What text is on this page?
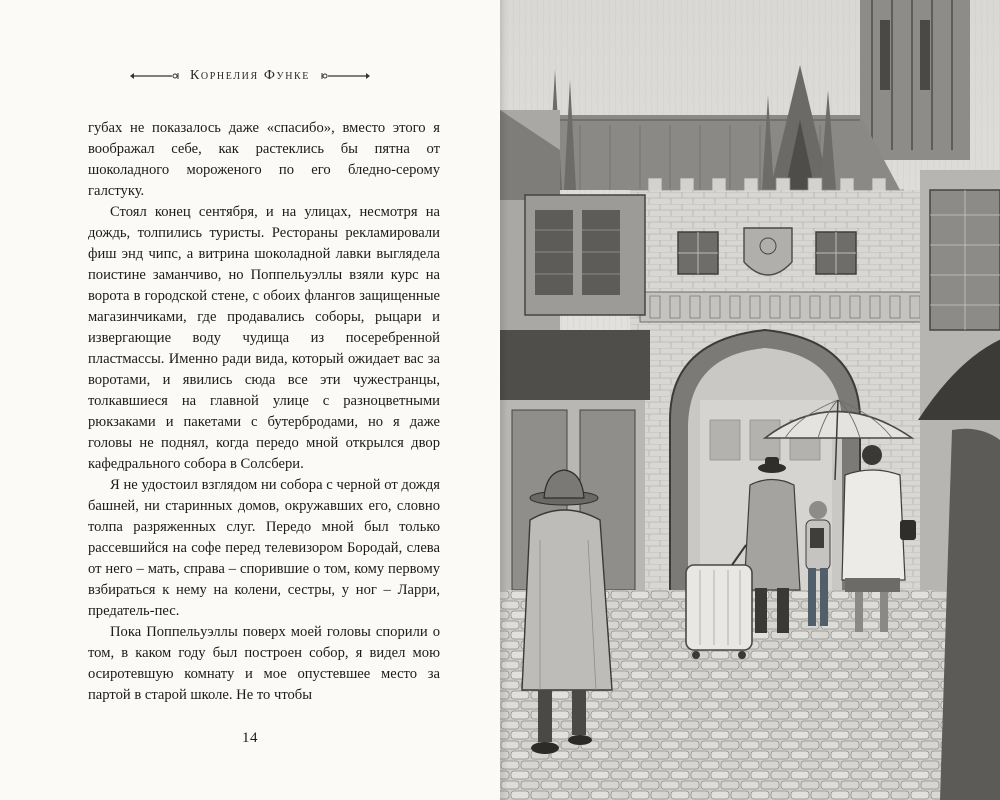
Корнелия Функе

губах не показалось даже «спасибо», вместо этого я воображал себе, как растеклись бы пятна от шоколадного мороженого по его бледно-серому галстуку.

Стоял конец сентября, и на улицах, несмотря на дождь, толпились туристы. Рестораны рекламировали фиш энд чипс, а витрина шоколадной лавки выглядела поистине заманчиво, но Поппельуэллы взяли курс на ворота в городской стене, с обоих флангов защищенные магазинчиками, где продавались соборы, рыцари и извергающие воду чудища из посеребренной пластмассы. Именно ради вида, который ожидает вас за воротами, и явились сюда все эти чужестранцы, толкавшиеся на главной улице с разноцветными рюкзаками и пакетами с бутербродами, но я даже головы не поднял, когда передо мной открылся двор кафедрального собора в Солсбери.

Я не удостоил взглядом ни собора с черной от дождя башней, ни старинных домов, окружавших его, словно толпа разряженных слуг. Передо мной был только рассевшийся на софе перед телевизором Бородай, слева от него – мать, справа – спорившие о том, кому первому взбираться к нему на колени, сестры, у ног – Ларри, предатель-пес.

Пока Поппельуэллы поверх моей головы спорили о том, в каком году был построен собор, я видел мою осиротевшую комнату и мое опустевшее место за партой в старой школе. Не то чтобы

14
